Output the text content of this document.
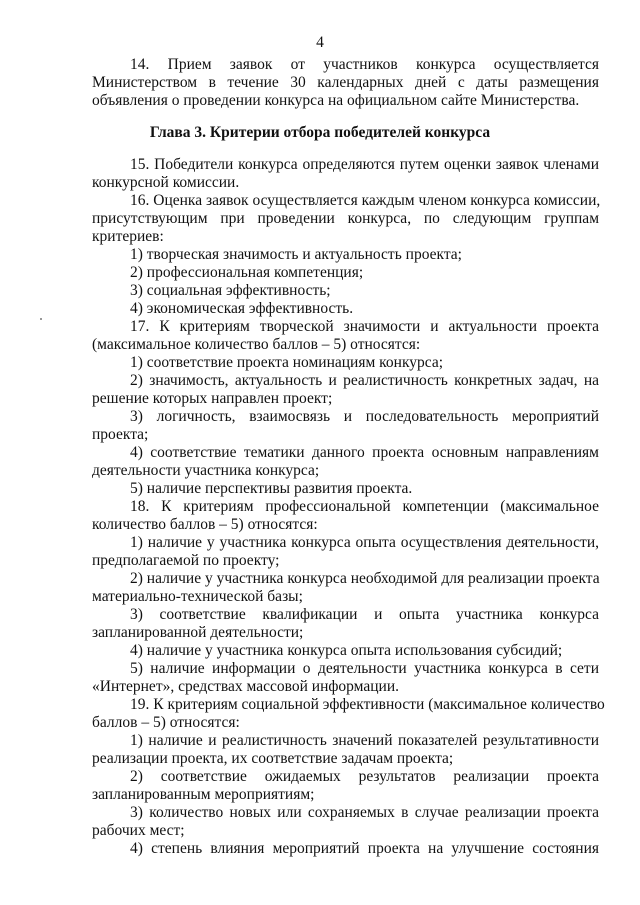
4
14. Прием заявок от участников конкурса осуществляется
Министерством в течение 30 календарных дней с даты размещения
объявления о проведении конкурса на официальном сайте Министерства.
Глава 3. Критерии отбора победителей конкурса
15. Победители конкурса определяются путем оценки заявок членами
конкурсной комиссии.
16. Оценка заявок осуществляется каждым членом конкурса комиссии,
присутствующим при проведении конкурса, по следующим группам
критериев:
1) творческая значимость и актуальность проекта;
2) профессиональная компетенция;
3) социальная эффективность;
4) экономическая эффективность.
17. К критериям творческой значимости и актуальности проекта
(максимальное количество баллов – 5) относятся:
1) соответствие проекта номинациям конкурса;
2) значимость, актуальность и реалистичность конкретных задач, на
решение которых направлен проект;
3) логичность, взаимосвязь и последовательность мероприятий
проекта;
4) соответствие тематики данного проекта основным направлениям
деятельности участника конкурса;
5) наличие перспективы развития проекта.
18. К критериям профессиональной компетенции (максимальное
количество баллов – 5) относятся:
1) наличие у участника конкурса опыта осуществления деятельности,
предполагаемой по проекту;
2) наличие у участника конкурса необходимой для реализации проекта
материально-технической базы;
3) соответствие квалификации и опыта участника конкурса
запланированной деятельности;
4) наличие у участника конкурса опыта использования субсидий;
5) наличие информации о деятельности участника конкурса в сети
«Интернет», средствах массовой информации.
19. К критериям социальной эффективности (максимальное количество
баллов – 5) относятся:
1) наличие и реалистичность значений показателей результативности
реализации проекта, их соответствие задачам проекта;
2) соответствие ожидаемых результатов реализации проекта
запланированным мероприятиям;
3) количество новых или сохраняемых в случае реализации проекта
рабочих мест;
4) степень влияния мероприятий проекта на улучшение состояния
